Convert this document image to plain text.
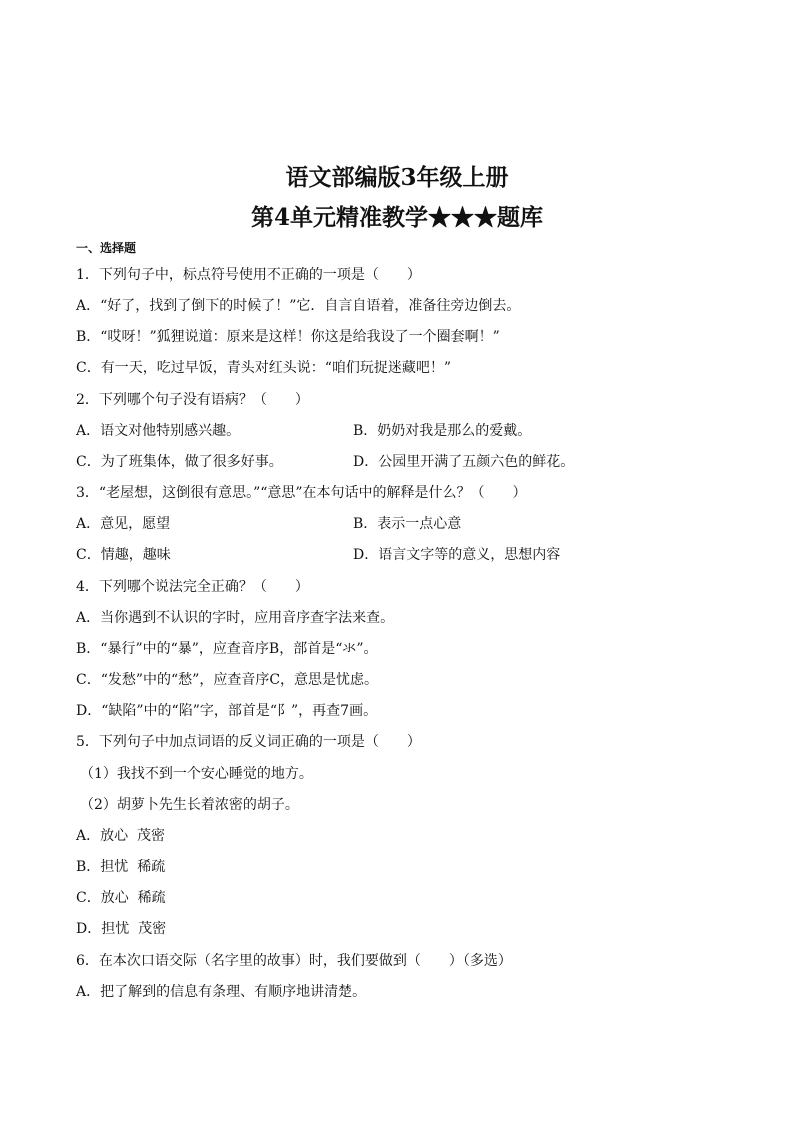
语文部编版3年级上册
第4单元精准教学★★★题库
一、选择题
1．下列句子中，标点符号使用不正确的一项是（　　）
A．“好了，找到了倒下的时候了！”它．自言自语着，准备往旁边倒去。
B．“哎呀！”狐狸说道：原来是这样！你这是给我设了一个圈套啊！”
C．有一天，吃过早饭，青头对红头说：“咱们玩捉迷藏吧！”
2．下列哪个句子没有语病？（　　）
A．语文对他特别感兴趣。	B．奶奶对我是那么的爱戴。
C．为了班集体，做了很多好事。	D．公园里开满了五颜六色的鲜花。
3．“老屋想，这倒很有意思。”“意思”在本句话中的解释是什么？（　　）
A．意见，愿望	B．表示一点心意
C．情趣，趣味	D．语言文字等的意义，思想内容
4．下列哪个说法完全正确？（　　）
A．当你遇到不认识的字时，应用音序查字法来查。
B．“暴行”中的“暴”，应查音序B，部首是“氺”。
C．“发愁”中的“愁”，应查音序C，意思是忧虑。
D．“缺陷”中的“陷”字，部首是“阝”，再查7画。
5．下列句子中加点词语的反义词正确的一项是（　　）
（1）我找不到一个安心睡觉的地方。
（2）胡萝卜先生长着浓密的胡子。
A．放心  茂密
B．担忧  稀疏
C．放心  稀疏
D．担忧  茂密
6．在本次口语交际（名字里的故事）时，我们要做到（　　）（多选）
A．把了解到的信息有条理、有顺序地讲清楚。
